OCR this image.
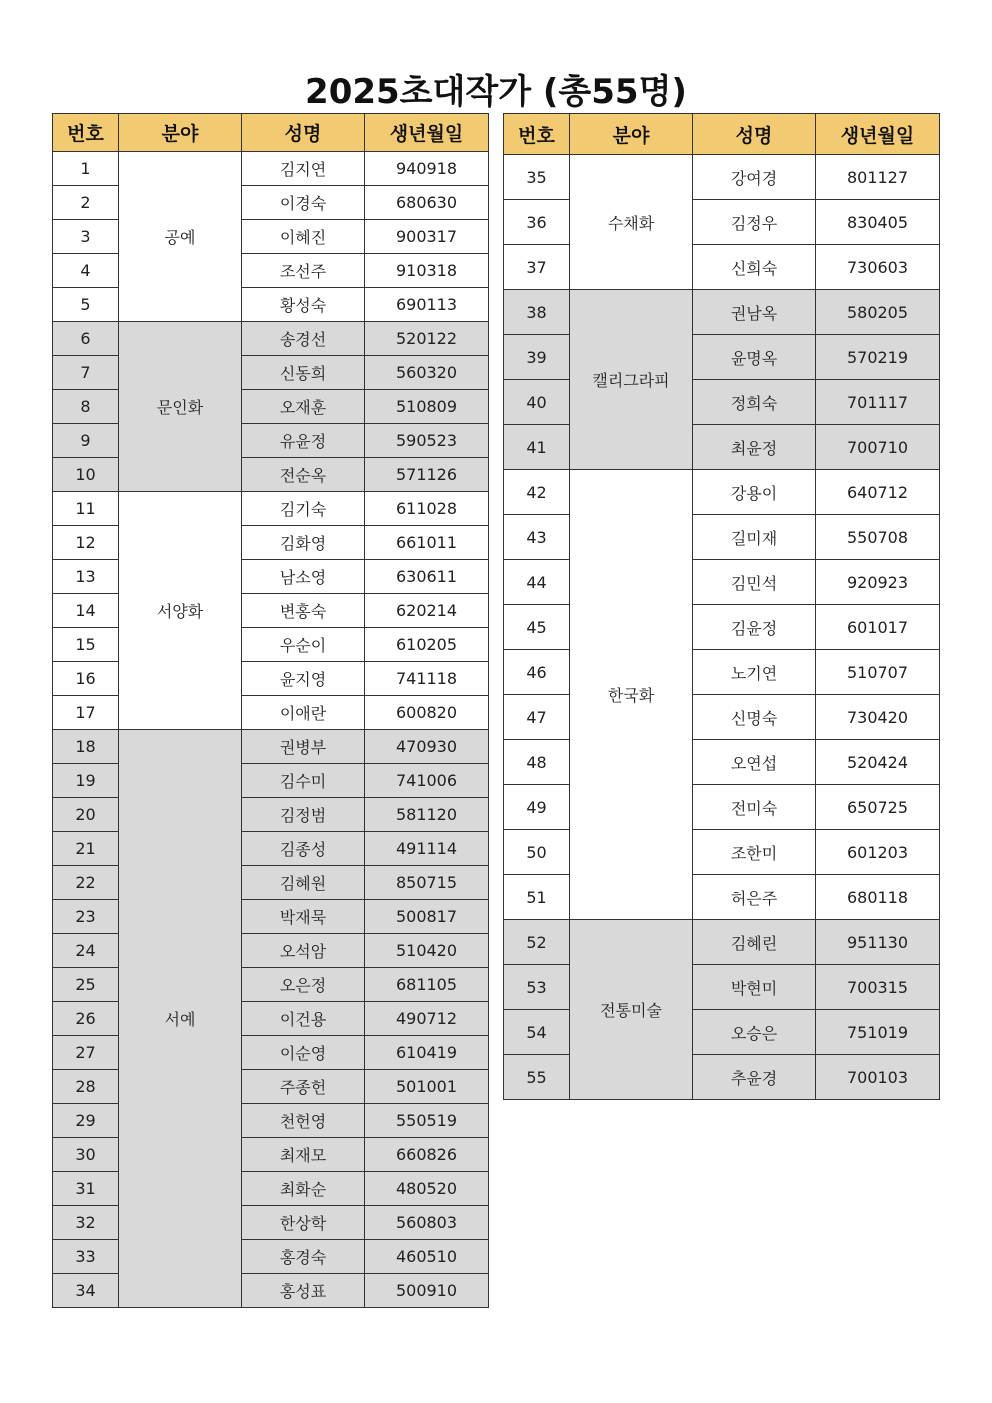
2025초대작가 (총55명)
번호	분야	성명	생년월일
1	공예	김지연	940918
2		이경숙	680630
3		이혜진	900317
4		조선주	910318
5		황성숙	690113
6	문인화	송경선	520122
7		신동희	560320
8		오재훈	510809
9		유윤정	590523
10		전순옥	571126
11	서양화	김기숙	611028
12		김화영	661011
13		남소영	630611
14		변홍숙	620214
15		우순이	610205
16		윤지영	741118
17		이애란	600820
18	서예	권병부	470930
19		김수미	741006
20		김정범	581120
21		김종성	491114
22		김혜원	850715
23		박재묵	500817
24		오석암	510420
25		오은정	681105
26		이건용	490712
27		이순영	610419
28		주종헌	501001
29		천헌영	550519
30		최재모	660826
31		최화순	480520
32		한상학	560803
33		홍경숙	460510
34		홍성표	500910
번호	분야	성명	생년월일
35	수채화	강여경	801127
36		김정우	830405
37		신희숙	730603
38	캘리그라피	권남옥	580205
39		윤명옥	570219
40		정희숙	701117
41		최윤정	700710
42	한국화	강용이	640712
43		길미재	550708
44		김민석	920923
45		김윤정	601017
46		노기연	510707
47		신명숙	730420
48		오연섭	520424
49		전미숙	650725
50		조한미	601203
51		허은주	680118
52	전통미술	김혜린	951130
53		박현미	700315
54		오승은	751019
55		추윤경	700103
